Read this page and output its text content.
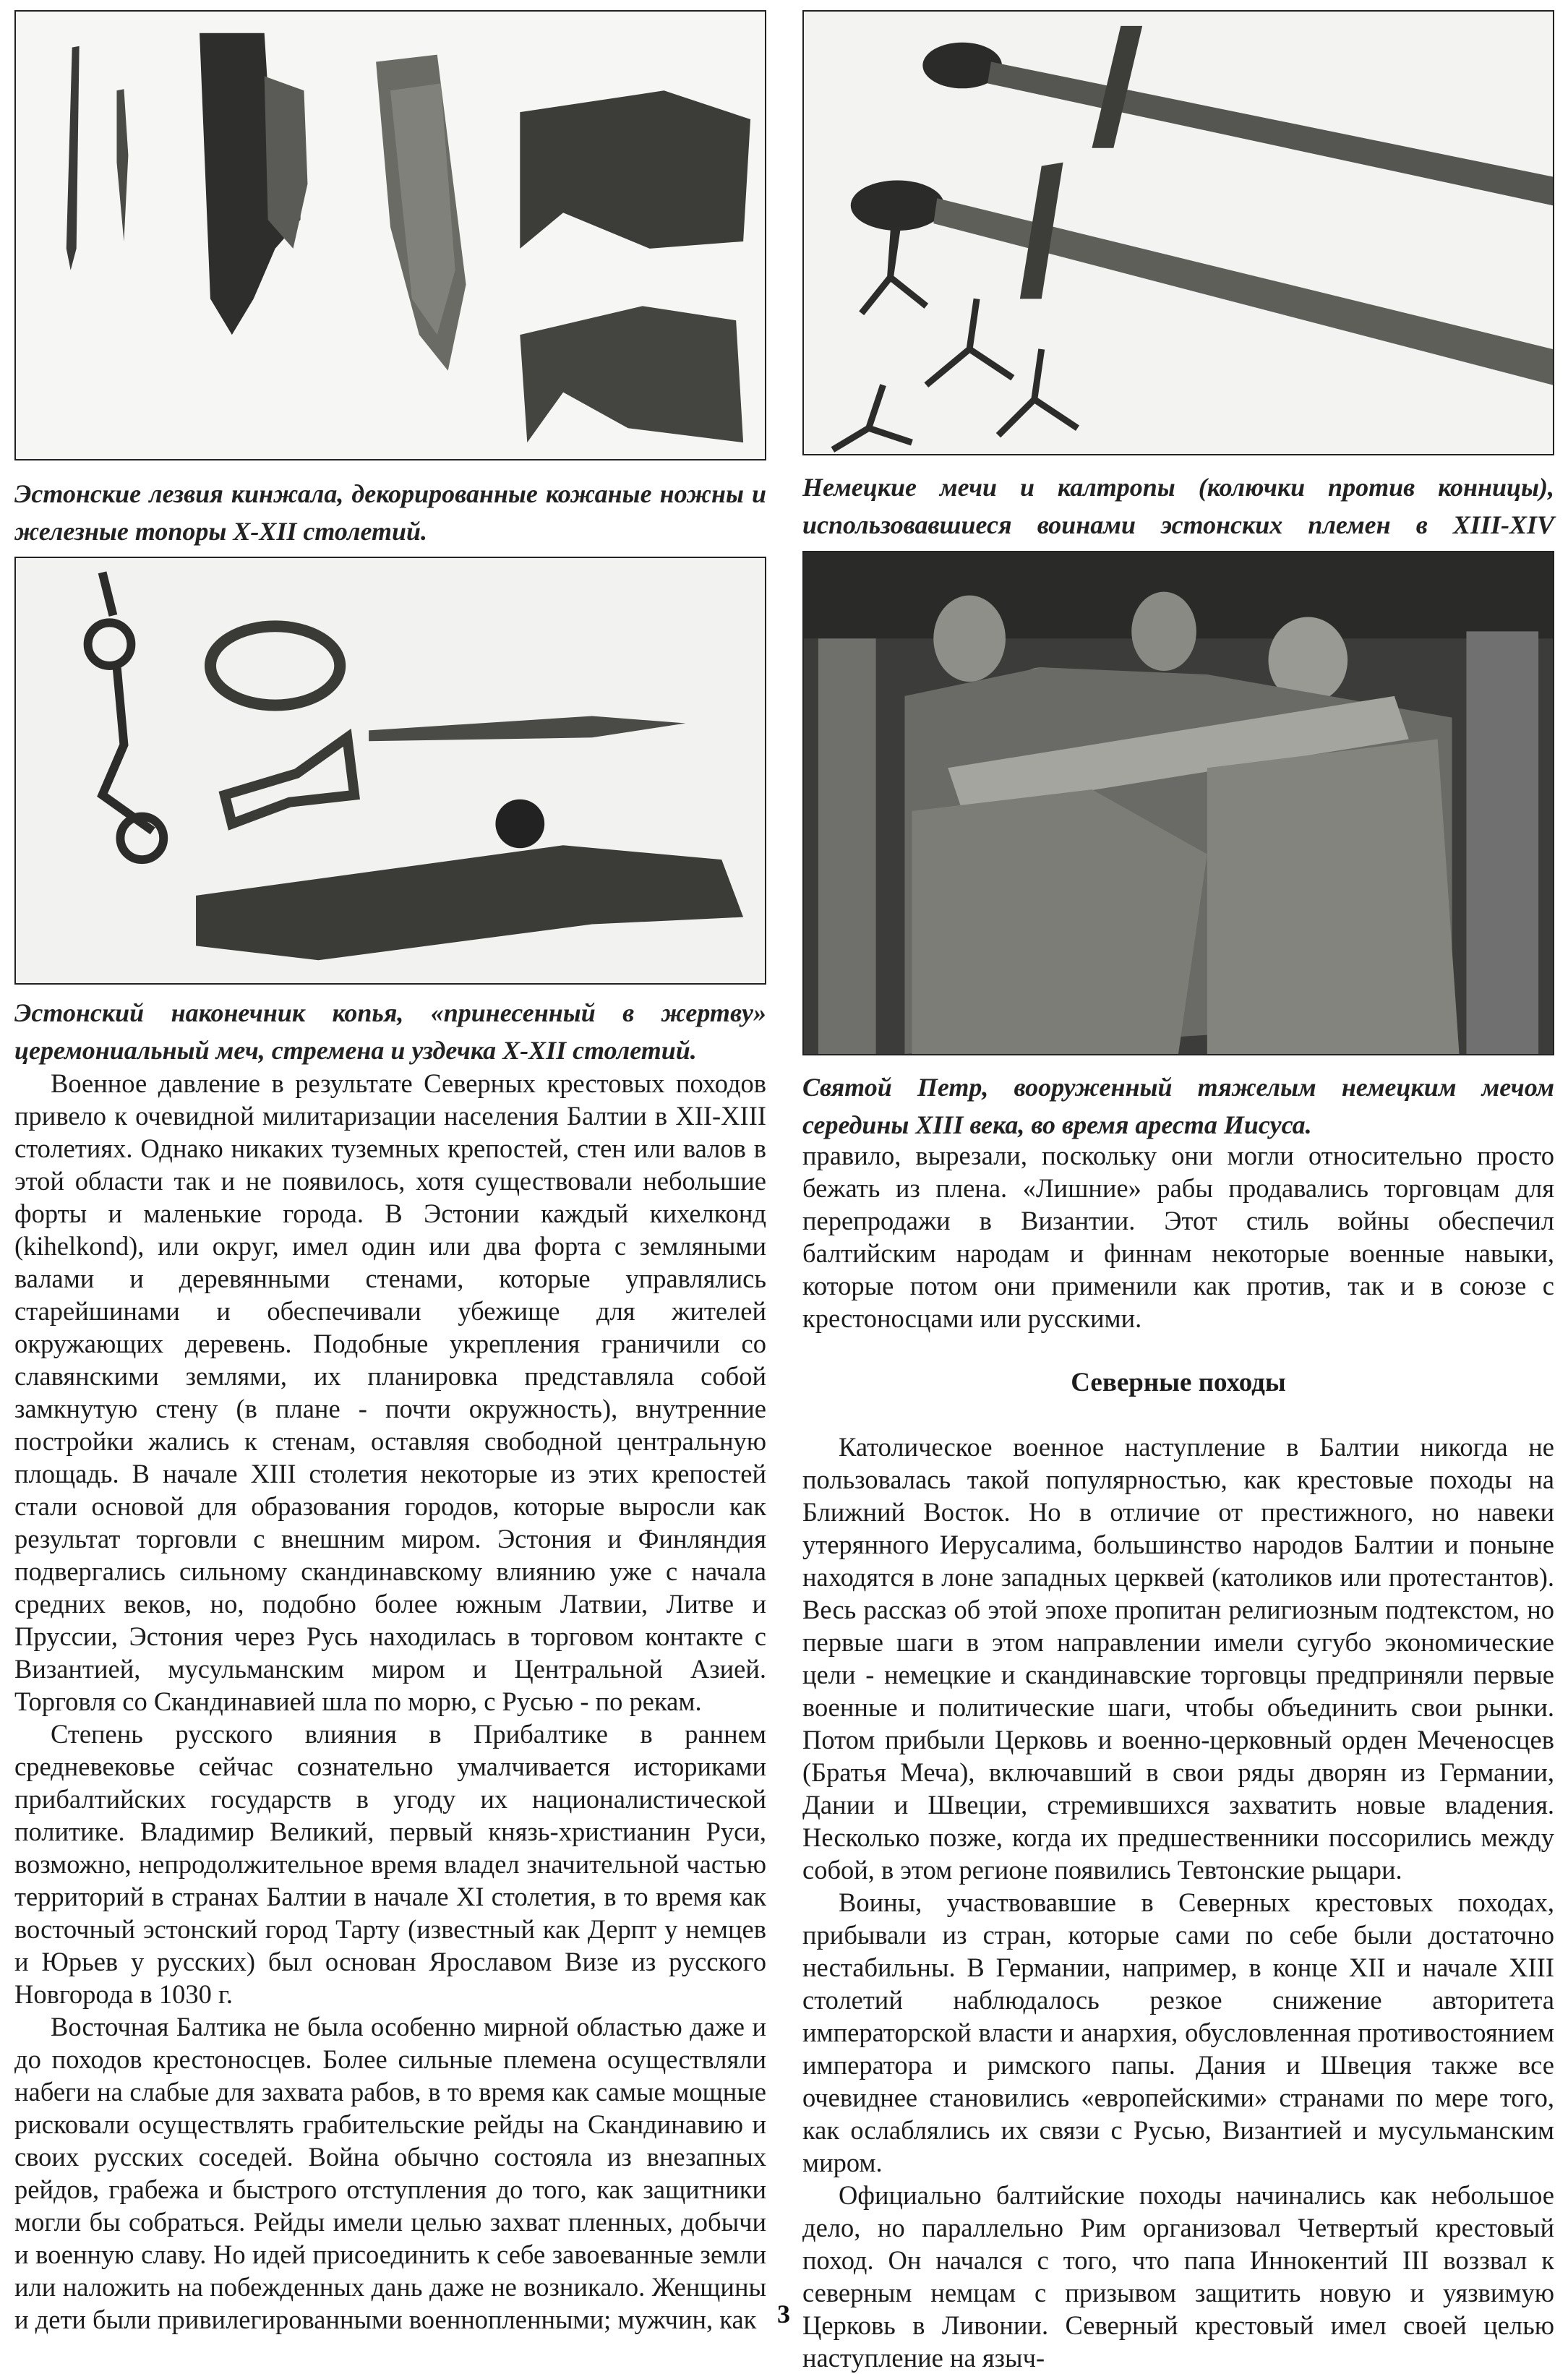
Эстонские лезвия кинжала, декорированные кожаные ножны и железные топоры X-XII столетий.
Немецкие мечи и калтропы (колючки против конницы), использовавшиеся воинами эстонских племен в XIII-XIV
Эстонский наконечник копья, «принесенный в жертву» церемониальный меч, стремена и уздечка X-XII столетий.
Святой Петр, вооруженный тяжелым немецким мечом середины XIII века, во время ареста Иисуса.

Военное давление в результате Северных крестовых походов привело к очевидной милитаризации населения Балтии в XII-XIII столетиях. Однако никаких туземных крепостей, стен или валов в этой области так и не появилось, хотя существовали небольшие форты и маленькие города. В Эстонии каждый кихелконд (kihelkond), или округ, имел один или два форта с земляными валами и деревянными стенами, которые управлялись старейшинами и обеспечивали убежище для жителей окружающих деревень. Подобные укрепления граничили со славянскими землями, их планировка представляла собой замкнутую стену (в плане - почти окружность), внутренние постройки жались к стенам, оставляя свободной центральную площадь. В начале XIII столетия некоторые из этих крепостей стали основой для образования городов, которые выросли как результат торговли с внешним миром. Эстония и Финляндия подвергались сильному скандинавскому влиянию уже с начала средних веков, но, подобно более южным Латвии, Литве и Пруссии, Эстония через Русь находилась в торговом контакте с Византией, мусульманским миром и Центральной Азией. Торговля со Скандинавией шла по морю, с Русью - по рекам.

Степень русского влияния в Прибалтике в раннем средневековье сейчас сознательно умалчивается историками прибалтийских государств в угоду их националистической политике. Владимир Великий, первый князь-христианин Руси, возможно, непродолжительное время владел значительной частью территорий в странах Балтии в начале XI столетия, в то время как восточный эстонский город Тарту (известный как Дерпт у немцев и Юрьев у русских) был основан Ярославом Визе из русского Новгорода в 1030 г.

Восточная Балтика не была особенно мирной областью даже и до походов крестоносцев. Более сильные племена осуществляли набеги на слабые для захвата рабов, в то время как самые мощные рисковали осуществлять грабительские рейды на Скандинавию и своих русских соседей. Война обычно состояла из внезапных рейдов, грабежа и быстрого отступления до того, как защитники могли бы собраться. Рейды имели целью захват пленных, добычи и военную славу. Но идей присоединить к себе завоеванные земли или наложить на побежденных дань даже не возникало. Женщины и дети были привилегированными военнопленными; мужчин, как

правило, вырезали, поскольку они могли относительно просто бежать из плена. «Лишние» рабы продавались торговцам для перепродажи в Византии. Этот стиль войны обеспечил балтийским народам и финнам некоторые военные навыки, которые потом они применили как против, так и в союзе с крестоносцами или русскими.

Северные походы

Католическое военное наступление в Балтии никогда не пользовалась такой популярностью, как крестовые походы на Ближний Восток. Но в отличие от престижного, но навеки утерянного Иерусалима, большинство народов Балтии и поныне находятся в лоне западных церквей (католиков или протестантов). Весь рассказ об этой эпохе пропитан религиозным подтекстом, но первые шаги в этом направлении имели сугубо экономические цели - немецкие и скандинавские торговцы предприняли первые военные и политические шаги, чтобы объединить свои рынки. Потом прибыли Церковь и военно-церковный орден Меченосцев (Братья Меча), включавший в свои ряды дворян из Германии, Дании и Швеции, стремившихся захватить новые владения. Несколько позже, когда их предшественники поссорились между собой, в этом регионе появились Тевтонские рыцари.

Воины, участвовавшие в Северных крестовых походах, прибывали из стран, которые сами по себе были достаточно нестабильны. В Германии, например, в конце XII и начале XIII столетий наблюдалось резкое снижение авторитета императорской власти и анархия, обусловленная противостоянием императора и римского папы. Дания и Швеция также все очевиднее становились «европейскими» странами по мере того, как ослаблялись их связи с Русью, Византией и мусульманским миром.

Официально балтийские походы начинались как небольшое дело, но параллельно Рим организовал Четвертый крестовый поход. Он начался с того, что папа Иннокентий III воззвал к северным немцам с призывом защитить новую и уязвимую Церковь в Ливонии. Северный крестовый имел своей целью наступление на языч-

3
